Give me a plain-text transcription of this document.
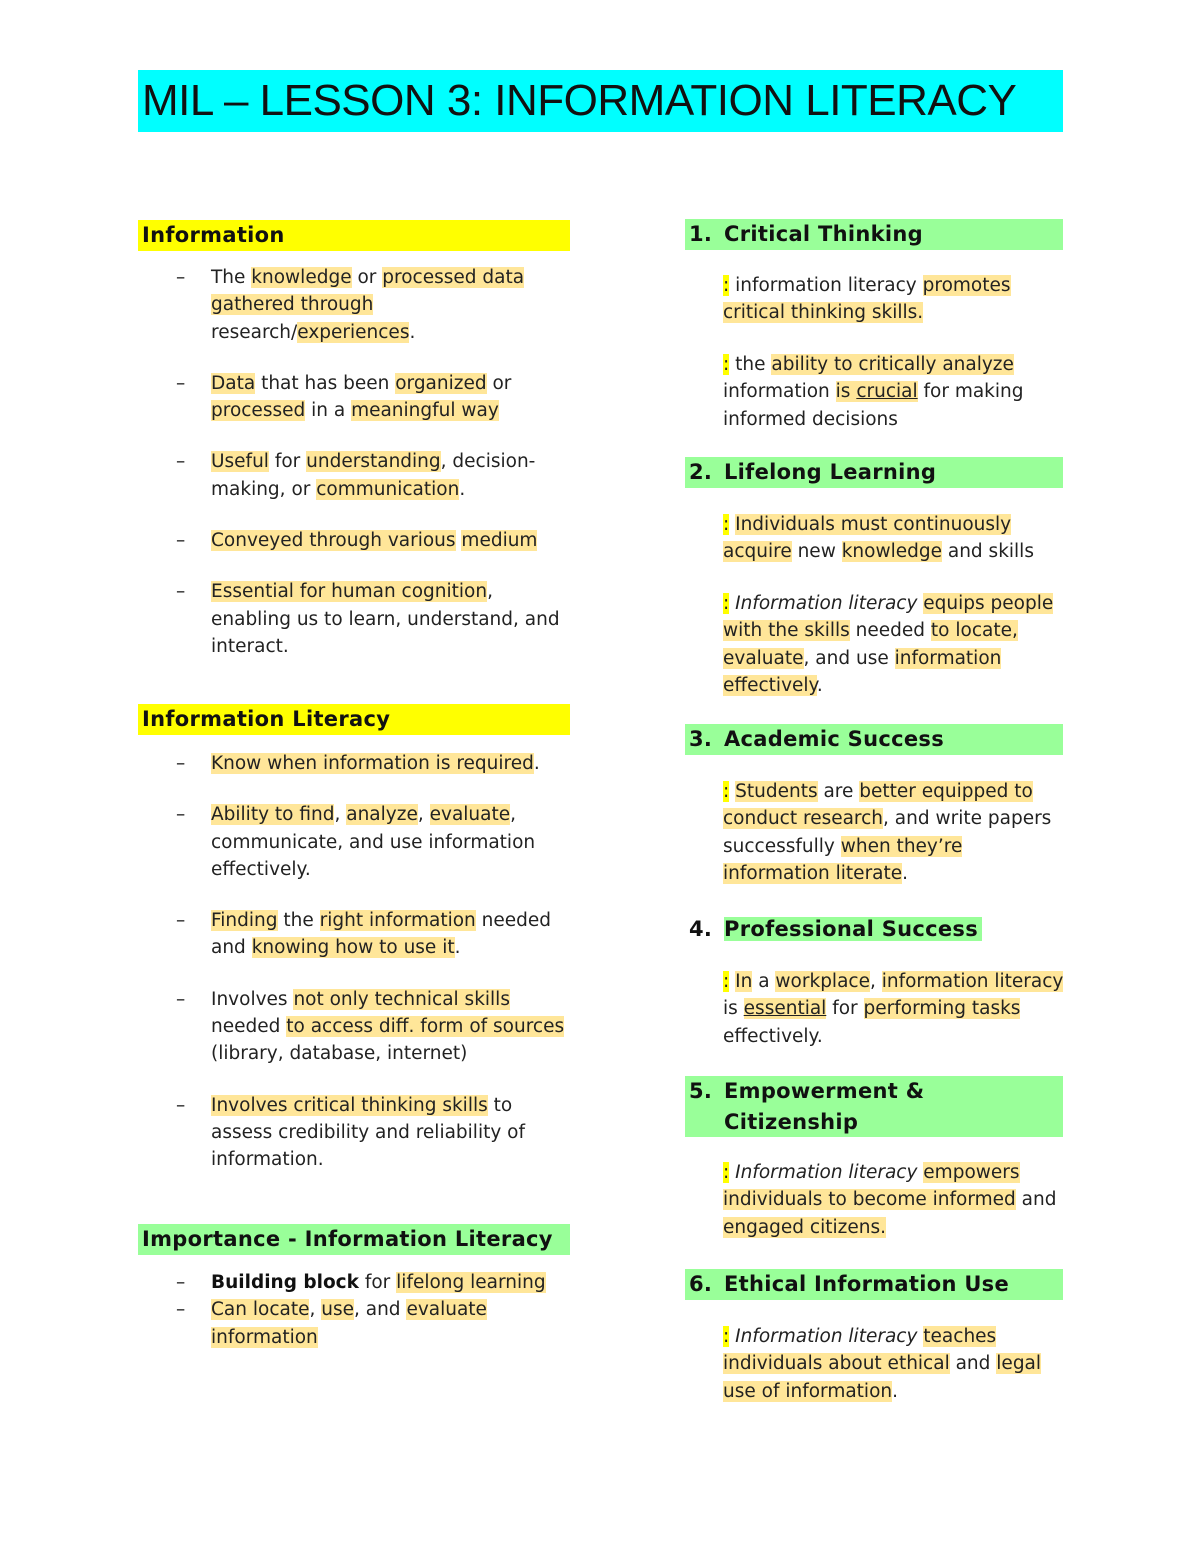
MIL – LESSON 3: INFORMATION LITERACY
Information
– The knowledge or processed data gathered through research/experiences.
– Data that has been organized or processed in a meaningful way
– Useful for understanding, decision-making, or communication.
– Conveyed through various medium
– Essential for human cognition, enabling us to learn, understand, and interact.
Information Literacy
– Know when information is required.
– Ability to find, analyze, evaluate, communicate, and use information effectively.
– Finding the right information needed and knowing how to use it.
– Involves not only technical skills needed to access diff. form of sources (library, database, internet)
– Involves critical thinking skills to assess credibility and reliability of information.
Importance - Information Literacy
– Building block for lifelong learning
– Can locate, use, and evaluate information
1. Critical Thinking

: information literacy promotes critical thinking skills.

: the ability to critically analyze information is crucial for making informed decisions

2. Lifelong Learning

: Individuals must continuously acquire new knowledge and skills

: Information literacy equips people with the skills needed to locate, evaluate, and use information effectively.

3. Academic Success

: Students are better equipped to conduct research, and write papers successfully when they’re information literate.

4. Professional Success

: In a workplace, information literacy is essential for performing tasks effectively.

5. Empowerment & Citizenship

: Information literacy empowers individuals to become informed and engaged citizens.

6. Ethical Information Use

: Information literacy teaches individuals about ethical and legal use of information.
